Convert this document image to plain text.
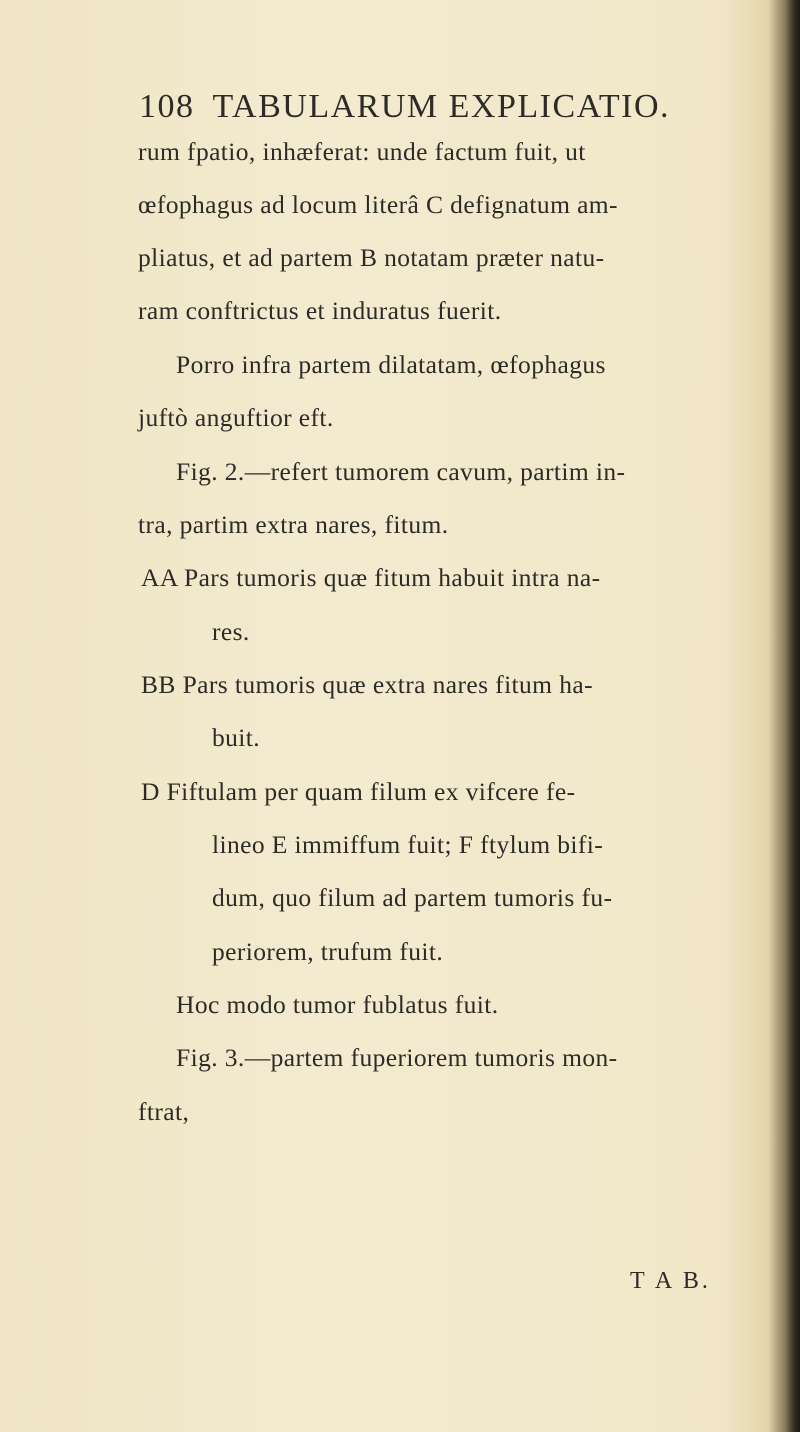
108 TABULARUM EXPLICATIO.
rum fpatio, inhæferat: unde factum fuit, ut
œfophagus ad locum literâ C defignatum am-
pliatus, et ad partem B notatam præter natu-
ram conftrictus et induratus fuerit.
Porro infra partem dilatatam, œfophagus
juftò anguftior eft.
Fig. 2.—refert tumorem cavum, partim in-
tra, partim extra nares, fitum.
AA Pars tumoris quæ fitum habuit intra na-
res.
BB Pars tumoris quæ extra nares fitum ha-
buit.
D Fiftulam per quam filum ex vifcere fe-
lineo E immiffum fuit; F ftylum bifi-
dum, quo filum ad partem tumoris fu-
periorem, trufum fuit.
Hoc modo tumor fublatus fuit.
Fig. 3.—partem fuperiorem tumoris mon-
ftrat,
T A B.
